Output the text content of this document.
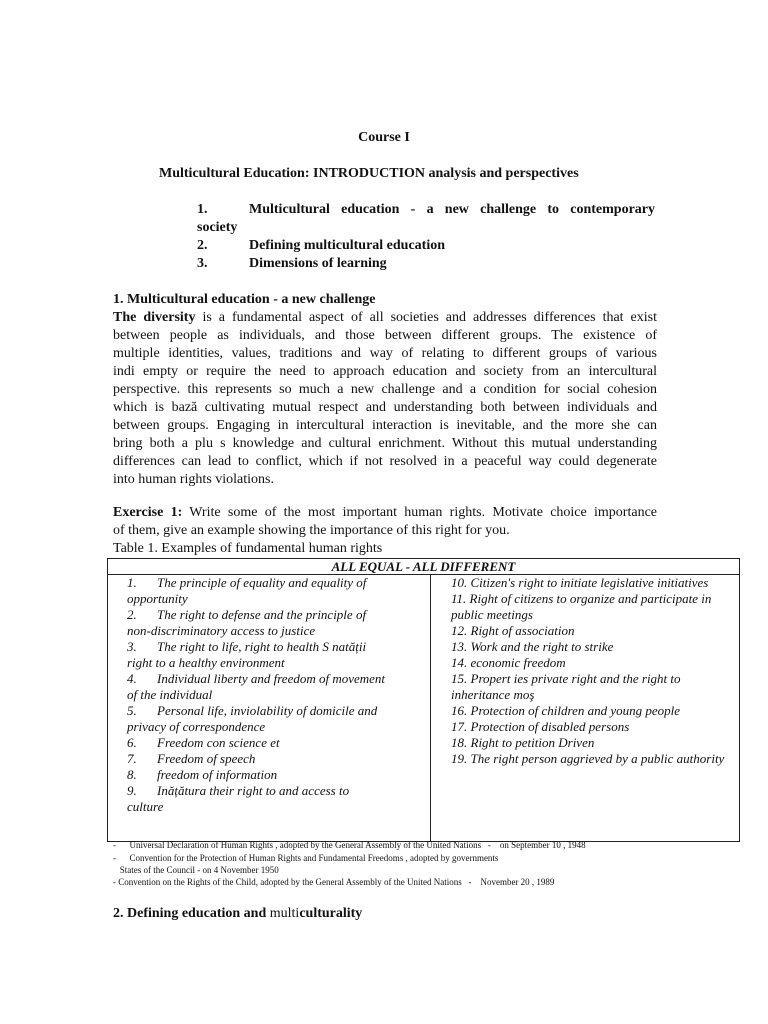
Course I
Multicultural Education: INTRODUCTION analysis and perspectives
1.	Multicultural education - a new challenge to contemporary
society
2.	Defining multicultural education
3.	Dimensions of learning
1. Multicultural education - a new challenge
The diversity is a fundamental aspect of all societies and addresses differences that exist
between people as individuals, and those between different groups. The existence of
multiple identities, values, traditions and way of relating to different groups of various
indi empty or require the need to approach education and society from an intercultural
perspective. this represents so much a new challenge and a condition for social cohesion
which is bază cultivating mutual respect and understanding both between individuals and
between groups. Engaging in intercultural interaction is inevitable, and the more she can
bring both a plu s knowledge and cultural enrichment. Without this mutual understanding
differences can lead to conflict, which if not resolved in a peaceful way could degenerate
into human rights violations.
Exercise 1: Write some of the most important human rights. Motivate choice importance
of them, give an example showing the importance of this right for you.
Table 1. Examples of fundamental human rights
ALL EQUAL - ALL DIFFERENT

1.	The principle of equality and equality of
opportunity
2.	The right to defense and the principle of
non-discriminatory access to justice
3.	The right to life, right to health S natății
right to a healthy environment
4.	Individual liberty and freedom of movement
of the individual
5.	Personal life, inviolability of domicile and
privacy of correspondence
6.	Freedom con science et
7.	Freedom of speech
8.	freedom of information
9.	Inățătura their right to and access to
culture

10. Citizen's right to initiate legislative initiatives
11. Right of citizens to organize and participate in
public meetings
12. Right of association
13. Work and the right to strike
14. economic freedom
15. Propert ies private right and the right to
inheritance moş
16. Protection of children and young people
17. Protection of disabled persons
18. Right to petition Driven
19. The right person aggrieved by a public authority
-      Universal Declaration of Human Rights , adopted by the General Assembly of the United Nations   -    on September 10 , 1948
-      Convention for the Protection of Human Rights and Fundamental Freedoms , adopted by governments
States of the Council - on 4 November 1950
- Convention on the Rights of the Child, adopted by the General Assembly of the United Nations   -    November 20 , 1989
2. Defining education and multiculturality
